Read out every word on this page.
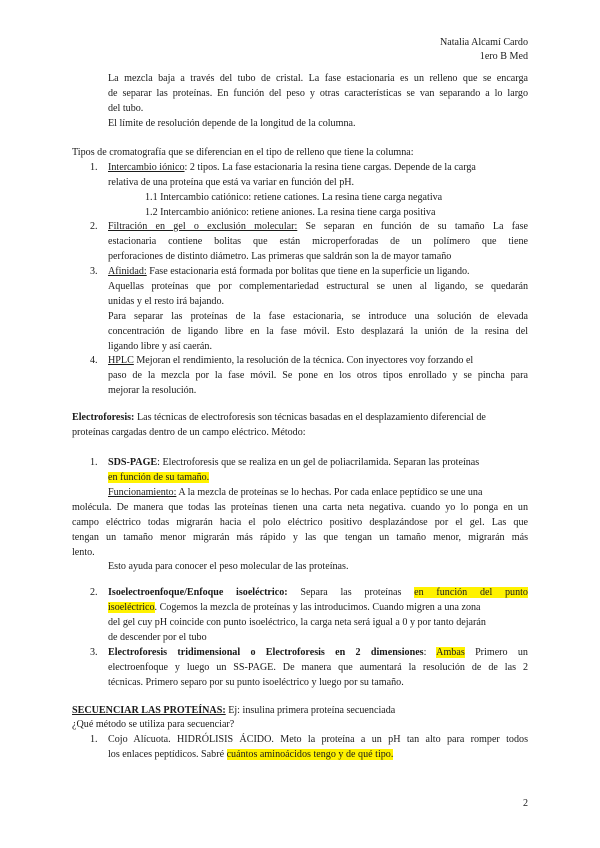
Natalia Alcamí Cardo
1ero B Med
La mezcla baja a través del tubo de cristal. La fase estacionaria es un relleno que se encarga
de separar las proteínas. En función del peso y otras características se van separando a lo largo
del tubo.
El límite de resolución depende de la longitud de la columna.
Tipos de cromatografía que se diferencian en el tipo de relleno que tiene la columna:
1. Intercambio iónico: 2 tipos. La fase estacionaria la resina tiene cargas. Depende de la carga
relativa de una proteína que está va variar en función del pH.
1.1 Intercambio catiónico: retiene cationes. La resina tiene carga negativa
1.2 Intercambio aniónico: retiene aniones. La resina tiene carga positiva
2. Filtración en gel o exclusión molecular: Se separan en función de su tamaño La fase
estacionaria contiene bolitas que están microperforadas de un polímero que tiene
perforaciones de distinto diámetro. Las primeras que saldrán son la de mayor tamaño
3. Afinidad: Fase estacionaria está formada por bolitas que tiene en la superficie un ligando.
Aquellas proteínas que por complementariedad estructural se unen al ligando, se quedarán
unidas y el resto irá bajando.
Para separar las proteínas de la fase estacionaria, se introduce una solución de elevada
concentración de ligando libre en la fase móvil. Esto desplazará la unión de la resina del
ligando libre y así caerán.
4. HPLC Mejoran el rendimiento, la resolución de la técnica. Con inyectores voy forzando el
paso de la mezcla por la fase móvil. Se pone en los otros tipos enrollado y se pincha para
mejorar la resolución.
Electroforesis: Las técnicas de electroforesis son técnicas basadas en el desplazamiento diferencial de
proteínas cargadas dentro de un campo eléctrico. Método:
1. SDS-PAGE: Electroforesis que se realiza en un gel de poliacrilamida. Separan las proteínas
en función de su tamaño.
Funcionamiento: A la mezcla de proteínas se lo hechas. Por cada enlace peptídico se une una
molécula. De manera que todas las proteínas tienen una carta neta negativa. cuando yo lo ponga en un
campo eléctrico todas migrarán hacia el polo eléctrico positivo desplazándose por el gel. Las que
tengan un tamaño menor migrarán más rápido y las que tengan un tamaño menor, migrarán más
lento.
Esto ayuda para conocer el peso molecular de las proteínas.
2. Isoelectroenfoque/Enfoque isoeléctrico: Separa las proteínas en función del punto
isoeléctrico. Cogemos la mezcla de proteínas y las introducimos. Cuando migren a una zona
del gel cuy pH coincide con punto isoeléctrico, la carga neta será igual a 0 y por tanto dejarán
de descender por el tubo
3. Electroforesis tridimensional o Electroforesis en 2 dimensiones: Ambas Primero un
electroenfoque y luego un SS-PAGE. De manera que aumentará la resolución de de las 2
técnicas. Primero separo por su punto isoeléctrico y luego por su tamaño.
SECUENCIAR LAS PROTEÍNAS: Ej: insulina primera proteína secuenciada
¿Qué método se utiliza para secuenciar?
1. Cojo Alícuota. HIDRÓLISIS ÁCIDO. Meto la proteína a un pH tan alto para romper todos
los enlaces peptídicos. Sabré cuántos aminoácidos tengo y de qué tipo.
2
